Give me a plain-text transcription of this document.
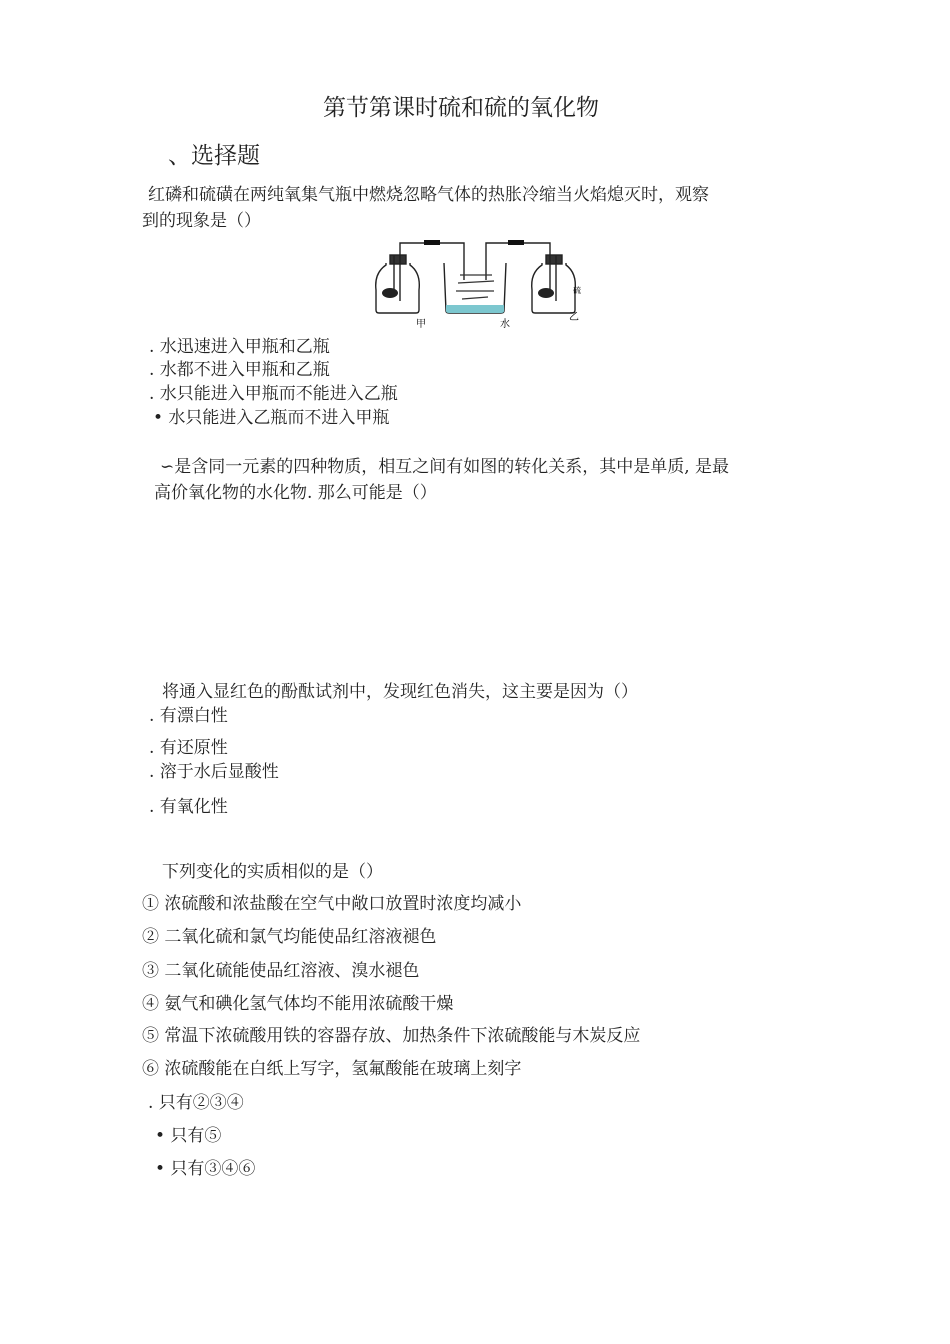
第节第课时硫和硫的氧化物
、选择题
红磷和硫磺在两纯氧集气瓶中燃烧忽略气体的热胀冷缩当火焰熄灭时，观察
到的现象是（）
甲	水
乙
硫
. 水迅速进入甲瓶和乙瓶
. 水都不进入甲瓶和乙瓶
. 水只能进入甲瓶而不能进入乙瓶
• 水只能进入乙瓶而不进入甲瓶
∽是含同一元素的四种物质，相互之间有如图的转化关系，其中是单质, 是最
高价氧化物的水化物. 那么可能是（）
将通入显红色的酚酞试剂中，发现红色消失，这主要是因为（）
. 有漂白性
. 有还原性
. 溶于水后显酸性
. 有氧化性
下列变化的实质相似的是（）
① 浓硫酸和浓盐酸在空气中敞口放置时浓度均减小
② 二氧化硫和氯气均能使品红溶液褪色
③ 二氧化硫能使品红溶液、溴水褪色
④ 氨气和碘化氢气体均不能用浓硫酸干燥
⑤ 常温下浓硫酸用铁的容器存放、加热条件下浓硫酸能与木炭反应
⑥ 浓硫酸能在白纸上写字，氢氟酸能在玻璃上刻字
. 只有②③④
• 只有⑤
• 只有③④⑥
